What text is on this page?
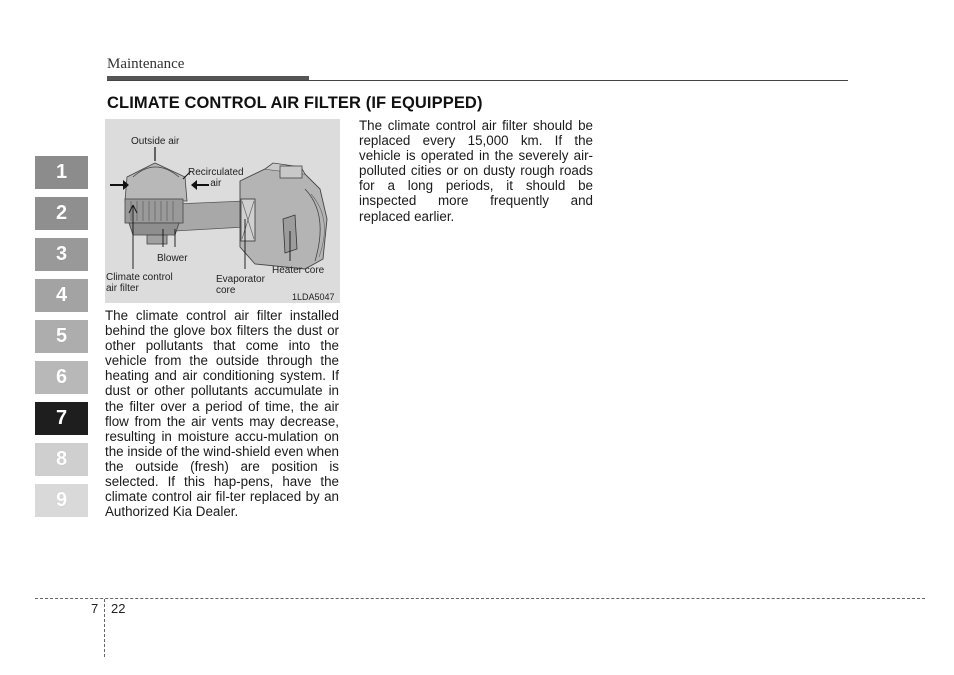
Maintenance
CLIMATE CONTROL AIR FILTER (IF EQUIPPED)
1
2
3
4
5
6
7
8
9
Outside air
Recirculated
air
Blower
Heater core
Climate control
air filter
Evaporator
core
1LDA5047
The climate control air filter installed behind the glove box filters the dust or other pollutants that come into the vehicle from the outside through the heating and air conditioning system. If dust or other pollutants accumulate in the filter over a period of time, the air flow from the air vents may decrease, resulting in moisture accu-mulation on the inside of the wind-shield even when the outside (fresh) are position is selected. If this hap-pens, have the climate control air fil-ter replaced by an Authorized Kia Dealer.
The climate control air filter should be replaced every 15,000 km. If the vehicle is operated in the severely air-polluted cities or on dusty rough roads for a long periods, it should be inspected more frequently and replaced earlier.
7 22
